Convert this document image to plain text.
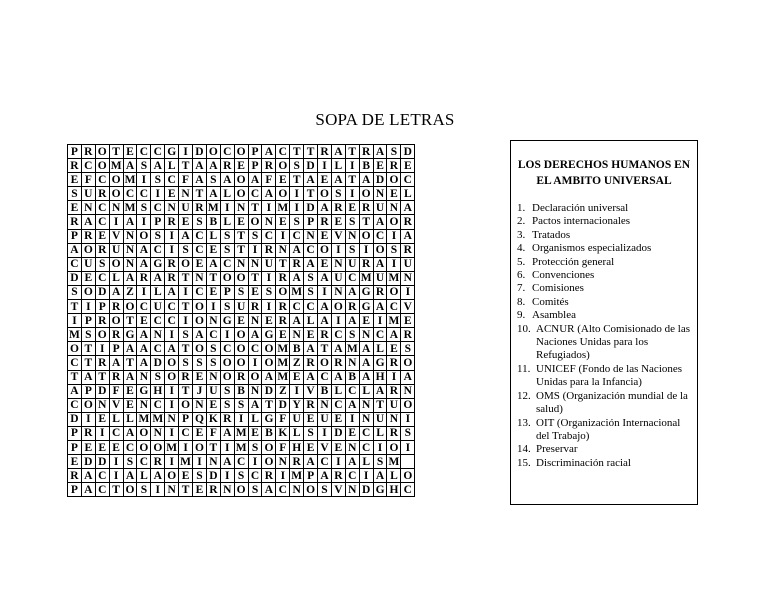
SOPA DE LETRAS
P	R	O	T	E	C	C	G	I	D	O	C	O	P	A	C	T	T	R	A	T	R	A	S	D
R	C	O	M	A	S	A	L	T	A	A	R	E	P	R	O	S	D	I	L	I	B	E	R	E
E	F	C	O	M	I	S	C	F	A	S	A	O	A	F	E	T	A	E	A	T	A	D	O	C
S	U	R	O	C	C	I	E	N	T	A	L	O	C	A	O	I	T	O	S	I	O	N	E	L
E	N	C	N	M	S	C	N	U	R	M	I	N	T	I	M	I	D	A	R	E	R	U	N	A
R	A	C	I	A	I	P	R	E	S	B	L	E	O	N	E	S	P	R	E	S	T	A	O	R
P	R	E	V	N	O	S	I	A	C	L	S	T	S	C	I	C	N	E	V	N	O	C	I	A
A	O	R	U	N	A	C	I	S	C	E	S	T	I	R	N	A	C	O	I	S	I	O	S	R
C	U	S	O	N	A	G	R	O	E	A	C	N	N	U	T	R	A	E	N	U	R	A	I	U
D	E	C	L	A	R	A	R	T	N	T	O	O	T	I	R	A	S	A	U	C	M	U	M	N
S	O	D	A	Z	I	L	A	I	C	E	P	S	E	S	O	M	S	I	N	A	G	R	O	I
T	I	P	R	O	C	U	C	T	O	I	S	U	R	I	R	C	C	A	O	R	G	A	C	V
I	P	R	O	T	E	C	C	I	O	N	G	E	N	E	R	A	L	A	I	A	E	I	M	E
M	S	O	R	G	A	N	I	S	A	C	I	O	A	G	E	N	E	R	C	S	N	C	A	R
O	T	I	P	A	A	C	A	T	O	S	C	O	C	O	M	B	A	T	A	M	A	L	E	S
C	T	R	A	T	A	D	O	S	S	S	O	O	I	O	M	Z	R	O	R	N	A	G	R	O
T	A	T	R	A	N	S	O	R	E	N	O	R	O	A	M	E	A	C	A	B	A	H	I	A
A	P	D	F	E	G	H	I	T	J	U	S	B	N	D	Z	I	V	B	L	C	L	A	R	N
C	O	N	V	E	N	C	I	O	N	E	S	S	A	T	D	Y	R	N	C	A	N	T	U	O
D	I	E	L	L	M	M	N	P	Q	K	R	I	L	G	F	U	E	U	E	I	N	U	N	I
P	R	I	C	A	O	N	I	C	E	F	A	M	E	B	K	L	S	I	D	E	C	L	R	S
P	E	E	E	C	O	O	M	I	O	T	I	M	S	O	F	H	E	V	E	N	C	I	O	I
E	D	D	I	S	C	R	I	M	I	N	A	C	I	O	N	R	A	C	I	A	L	S	M	
R	A	C	I	A	L	A	O	E	S	D	I	S	C	R	I	M	P	A	R	C	I	A	L	O
P	A	C	T	O	S	I	N	T	E	R	N	O	S	A	C	N	O	S	V	N	D	G	H	C
LOS DERECHOS HUMANOS EN EL AMBITO UNIVERSAL
1. Declaración universal
2. Pactos internacionales
3. Tratados
4. Organismos especializados
5. Protección general
6. Convenciones
7. Comisiones
8. Comités
9. Asamblea
10. ACNUR (Alto Comisionado de las Naciones Unidas para los Refugiados)
11. UNICEF (Fondo de las Naciones Unidas para la Infancia)
12. OMS (Organización mundial de la salud)
13. OIT (Organización Internacional del Trabajo)
14. Preservar
15. Discriminación racial
